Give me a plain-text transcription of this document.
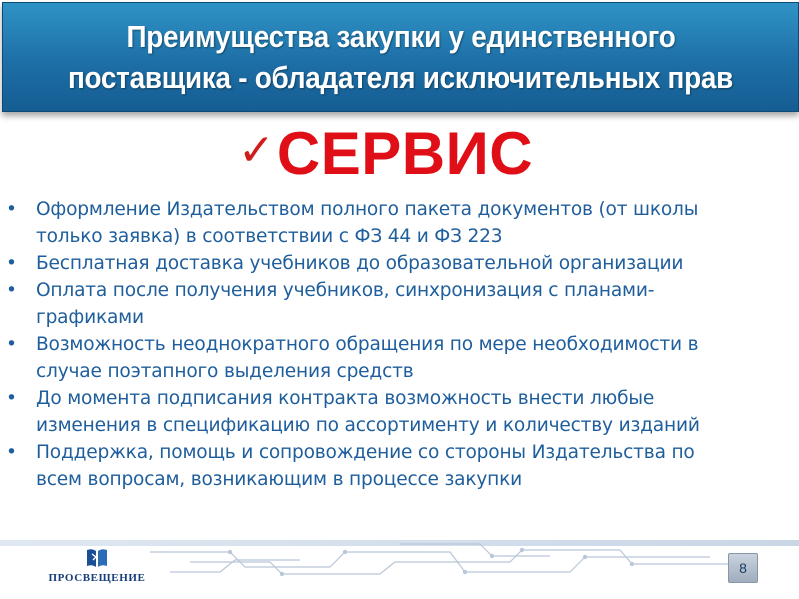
Преимущества закупки у единственного
поставщика - обладателя исключительных прав
✓ СЕРВИС
• Оформление Издательством полного пакета документов (от школы
только заявка) в соответствии с ФЗ 44 и ФЗ 223
• Бесплатная доставка учебников до образовательной организации
• Оплата после получения учебников, синхронизация с планами-
графиками
• Возможность неоднократного обращения по мере необходимости в
случае поэтапного выделения средств
• До момента подписания контракта возможность внести любые
изменения в спецификацию по ассортименту и количеству изданий
• Поддержка, помощь и сопровождение со стороны Издательства по
всем вопросам, возникающим в процессе закупки
ПРОСВЕЩЕНИЕ
8
